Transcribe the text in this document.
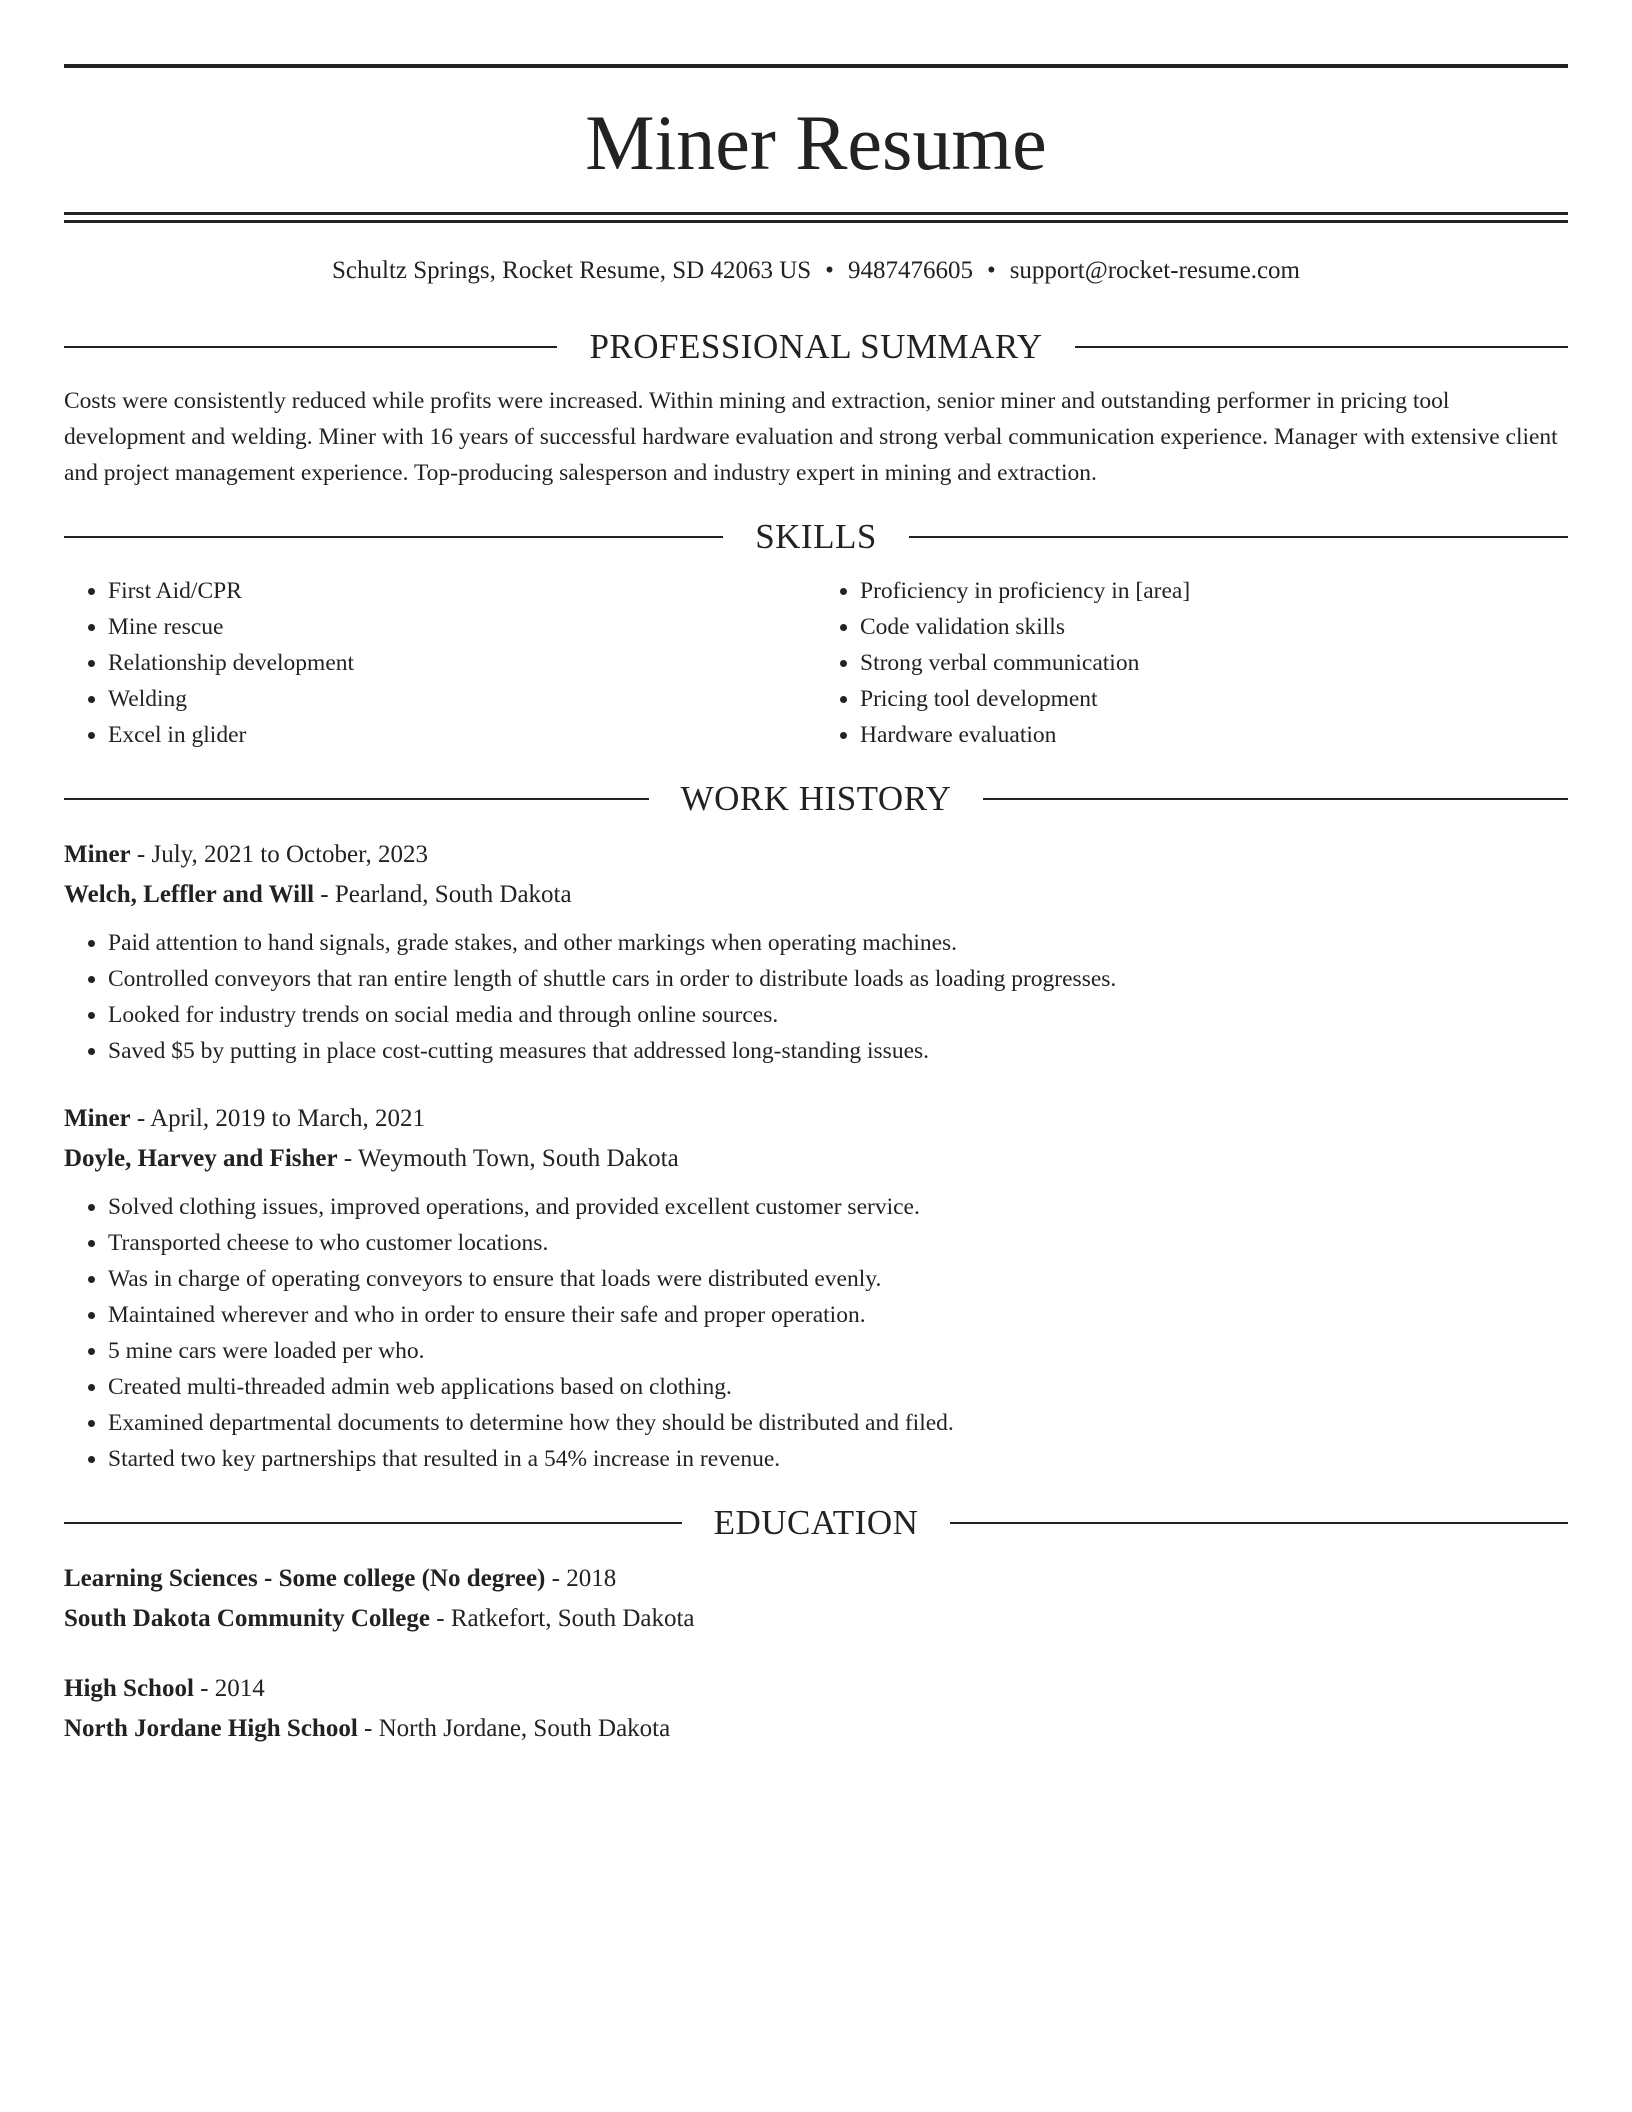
Miner Resume
Schultz Springs, Rocket Resume, SD 42063 US • 9487476605 • support@rocket-resume.com
PROFESSIONAL SUMMARY
Costs were consistently reduced while profits were increased. Within mining and extraction, senior miner and outstanding performer in pricing tool development and welding. Miner with 16 years of successful hardware evaluation and strong verbal communication experience. Manager with extensive client and project management experience. Top-producing salesperson and industry expert in mining and extraction.
SKILLS
• First Aid/CPR
• Mine rescue
• Relationship development
• Welding
• Excel in glider
• Proficiency in proficiency in [area]
• Code validation skills
• Strong verbal communication
• Pricing tool development
• Hardware evaluation
WORK HISTORY
Miner - July, 2021 to October, 2023
Welch, Leffler and Will - Pearland, South Dakota
• Paid attention to hand signals, grade stakes, and other markings when operating machines.
• Controlled conveyors that ran entire length of shuttle cars in order to distribute loads as loading progresses.
• Looked for industry trends on social media and through online sources.
• Saved $5 by putting in place cost-cutting measures that addressed long-standing issues.
Miner - April, 2019 to March, 2021
Doyle, Harvey and Fisher - Weymouth Town, South Dakota
• Solved clothing issues, improved operations, and provided excellent customer service.
• Transported cheese to who customer locations.
• Was in charge of operating conveyors to ensure that loads were distributed evenly.
• Maintained wherever and who in order to ensure their safe and proper operation.
• 5 mine cars were loaded per who.
• Created multi-threaded admin web applications based on clothing.
• Examined departmental documents to determine how they should be distributed and filed.
• Started two key partnerships that resulted in a 54% increase in revenue.
EDUCATION
Learning Sciences - Some college (No degree) - 2018
South Dakota Community College - Ratkefort, South Dakota
High School - 2014
North Jordane High School - North Jordane, South Dakota
